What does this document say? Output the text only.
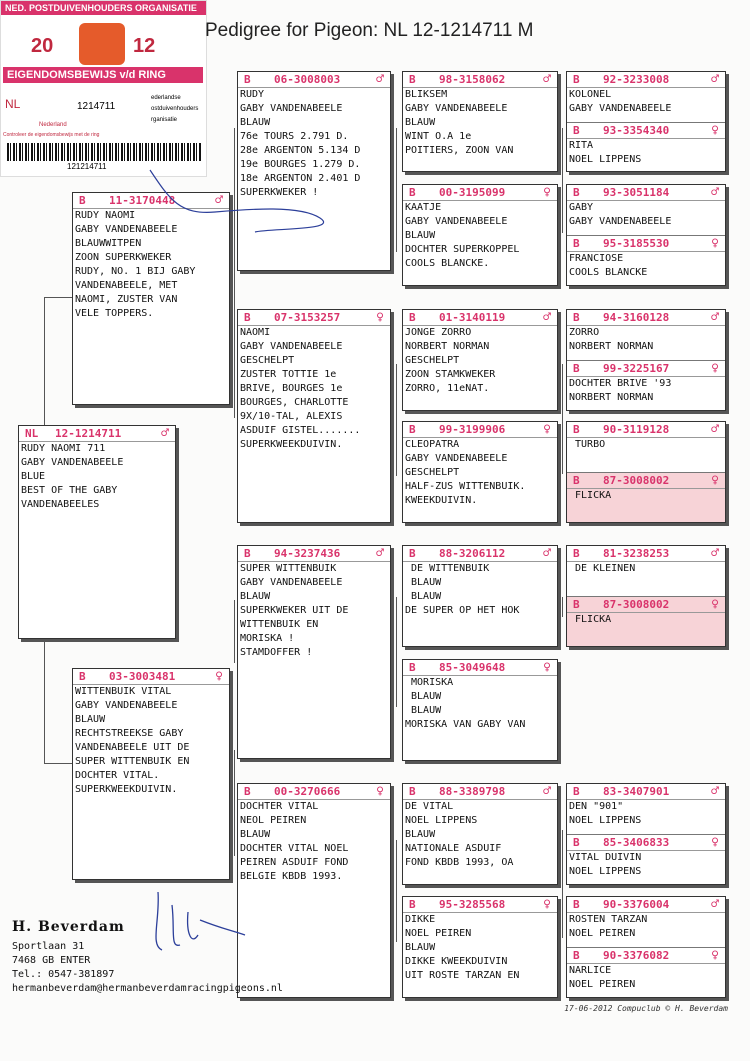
NED. POSTDUIVENHOUDERS ORGANISATIE
20	12
EIGENDOMSBEWIJS v/d RING
NL	1214711
Nederland
ederlandse
ostduivenhouders
rganisatie
Controleer de eigendomsbewijs met de ring
121214711
Pedigree for Pigeon: NL 12-1214711 M
NL 12-1214711	♂
RUDY NAOMI 711
GABY VANDENABEELE
BLUE
BEST OF THE GABY
VANDENABEELES
B 11-3170448	♂
RUDY NAOMI
GABY VANDENABEELE
BLAUWWITPEN
ZOON SUPERKWEKER
RUDY, NO. 1 BIJ GABY
VANDENABEELE, MET
NAOMI, ZUSTER VAN
VELE TOPPERS.
B 03-3003481	♀
WITTENBUIK VITAL
GABY VANDENABEELE
BLAUW
RECHTSTREEKSE GABY
VANDENABEELE UIT DE
SUPER WITTENBUIK EN
DOCHTER VITAL.
SUPERKWEEKDUIVIN.
B 06-3008003	♂
RUDY
GABY VANDENABEELE
BLAUW
76e TOURS 2.791 D.
28e ARGENTON 5.134 D
19e BOURGES 1.279 D.
18e ARGENTON 2.401 D
SUPERKWEKER !
B 07-3153257	♀
NAOMI
GABY VANDENABEELE
GESCHELPT
ZUSTER TOTTIE 1e
BRIVE, BOURGES 1e
BOURGES, CHARLOTTE
9X/10-TAL, ALEXIS
ASDUIF GISTEL.......
SUPERKWEEKDUIVIN.
B 94-3237436	♂
SUPER WITTENBUIK
GABY VANDENABEELE
BLAUW
SUPERKWEKER UIT DE
WITTENBUIK EN
MORISKA !
STAMDOFFER !
B 00-3270666	♀
DOCHTER VITAL
NEOL PEIREN
BLAUW
DOCHTER VITAL NOEL
PEIREN ASDUIF FOND
BELGIE KBDB 1993.
B 98-3158062	♂
BLIKSEM
GABY VANDENABEELE
BLAUW
WINT O.A 1e
POITIERS, ZOON VAN
B 00-3195099	♀
KAATJE
GABY VANDENABEELE
BLAUW
DOCHTER SUPERKOPPEL
COOLS BLANCKE.
B 01-3140119	♂
JONGE ZORRO
NORBERT NORMAN
GESCHELPT
ZOON STAMKWEKER
ZORRO, 11eNAT.
B 99-3199906	♀
CLEOPATRA
GABY VANDENABEELE
GESCHELPT
HALF-ZUS WITTENBUIK.
KWEEKDUIVIN.
B 88-3206112	♂
DE WITTENBUIK
BLAUW
BLAUW
DE SUPER OP HET HOK
B 85-3049648	♀
MORISKA
BLAUW
BLAUW
MORISKA VAN GABY VAN
B 88-3389798	♂
DE VITAL
NOEL LIPPENS
BLAUW
NATIONALE ASDUIF
FOND KBDB 1993, OA
B 95-3285568	♀
DIKKE
NOEL PEIREN
BLAUW
DIKKE KWEEKDUIVIN
UIT ROSTE TARZAN EN
B 92-3233008	♂
KOLONEL
GABY VANDENABEELE
B 93-3354340	♀
RITA
NOEL LIPPENS
B 93-3051184	♂
GABY
GABY VANDENABEELE
B 95-3185530	♀
FRANCIOSE
COOLS BLANCKE
B 94-3160128	♂
ZORRO
NORBERT NORMAN
B 99-3225167	♀
DOCHTER BRIVE '93
NORBERT NORMAN
B 90-3119128	♂
TURBO
B 87-3008002	♀
FLICKA
B 81-3238253	♂
DE KLEINEN
B 87-3008002	♀
FLICKA
B 83-3407901	♂
DEN "901"
NOEL LIPPENS
B 85-3406833	♀
VITAL DUIVIN
NOEL LIPPENS
B 90-3376004	♂
ROSTEN TARZAN
NOEL PEIREN
B 90-3376082	♀
NARLICE
NOEL PEIREN
H. Beverdam
Sportlaan 31
7468 GB ENTER
Tel.: 0547-381897
hermanbeverdam@hermanbeverdamracingpigeons.nl
17-06-2012 Compuclub © H. Beverdam
